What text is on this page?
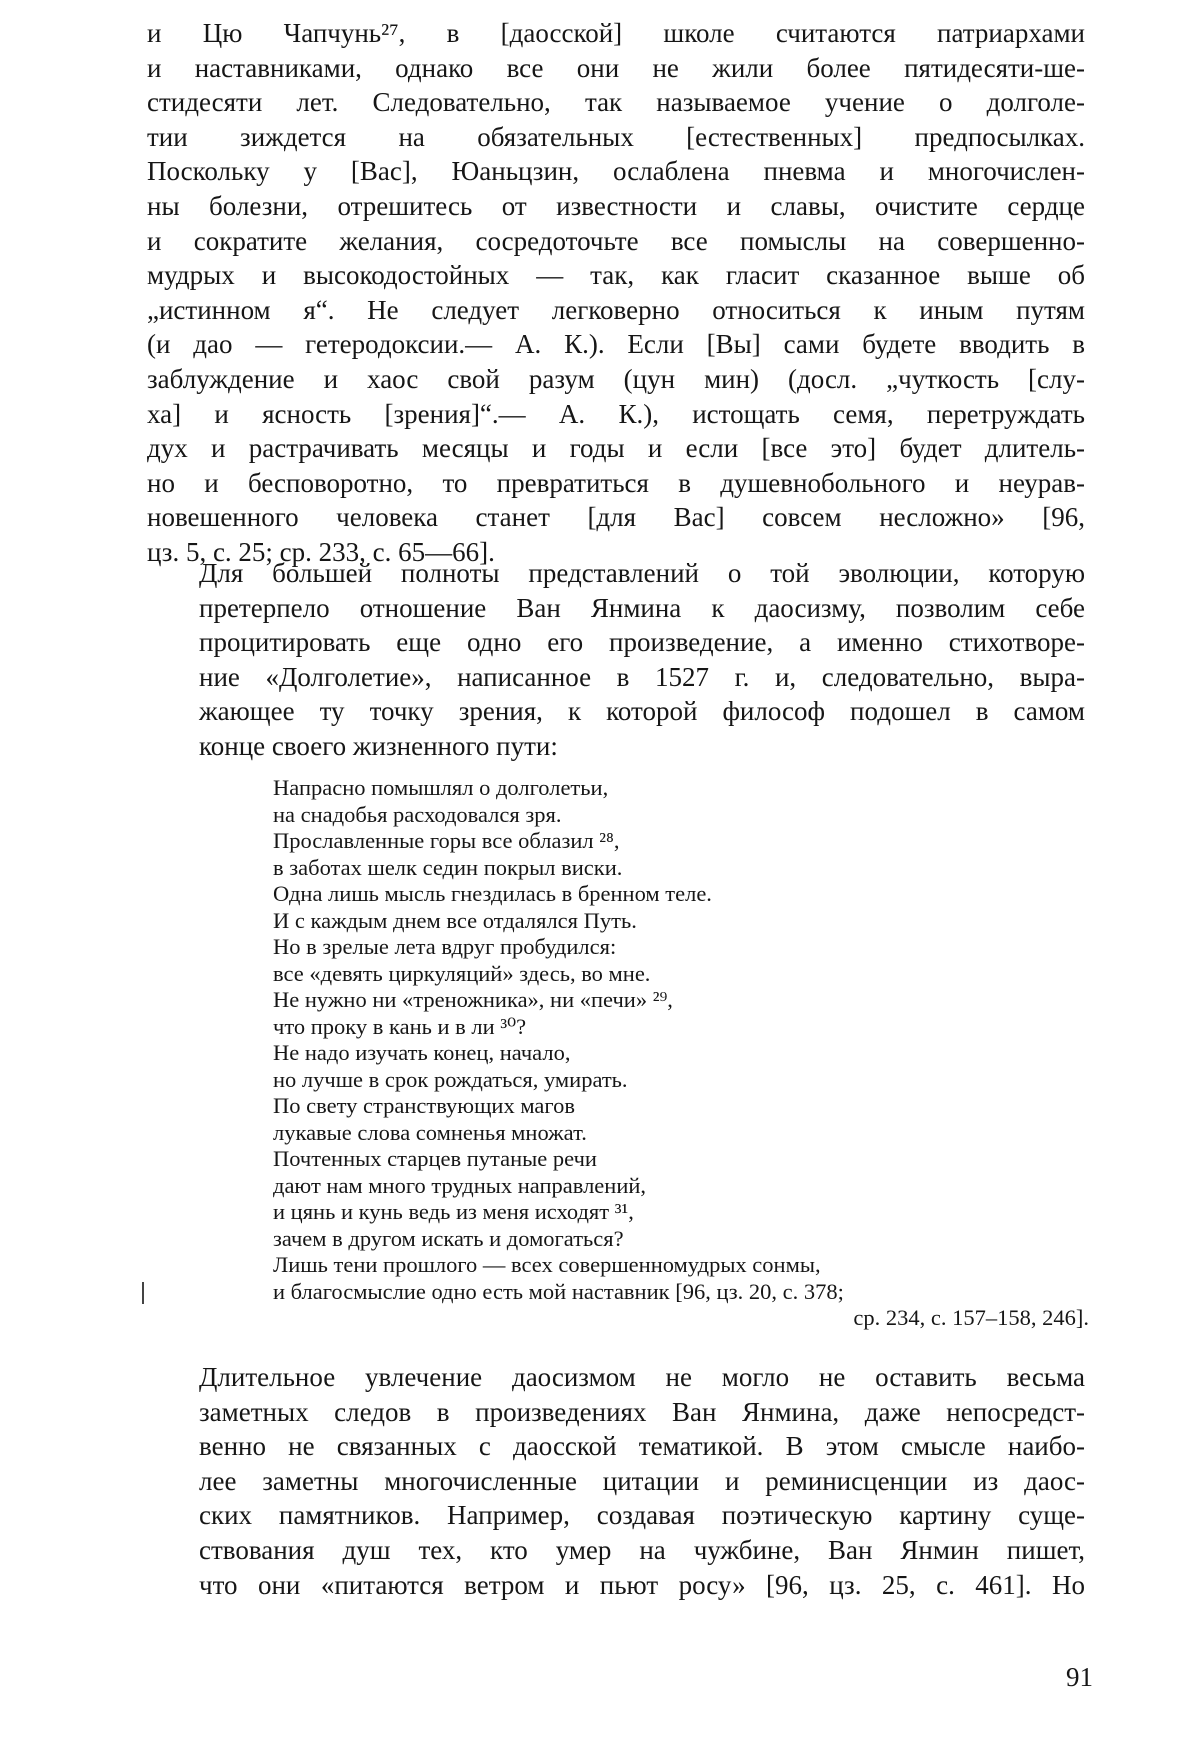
и Цю Чапчунь²⁷, в [даосской] школе считаются патриархами
и наставниками, однако все они не жили более пятидесяти-ше-
стидесяти лет. Следовательно, так называемое учение о долголе-
тии зиждется на обязательных [естественных] предпосылках.
Поскольку у [Вас], Юаньцзин, ослаблена пневма и многочислен-
ны болезни, отрешитесь от известности и славы, очистите сердце
и сократите желания, сосредоточьте все помыслы на совершенно-
мудрых и высокодостойных — так, как гласит сказанное выше об
„истинном я“. Не следует легковерно относиться к иным путям
(и дао — гетеродоксии.— А. К.). Если [Вы] сами будете вводить в
заблуждение и хаос свой разум (цун мин) (досл. „чуткость [слу-
ха] и ясность [зрения]“.— А. К.), истощать семя, перетруждать
дух и растрачивать месяцы и годы и если [все это] будет длитель-
но и бесповоротно, то превратиться в душевнобольного и неурав-
новешенного человека станет [для Вас] совсем несложно» [96,
цз. 5, с. 25; ср. 233, с. 65—66].
Для большей полноты представлений о той эволюции, которую
претерпело отношение Ван Янмина к даосизму, позволим себе
процитировать еще одно его произведение, а именно стихотворе-
ние «Долголетие», написанное в 1527 г. и, следовательно, выра-
жающее ту точку зрения, к которой философ подошел в самом
конце своего жизненного пути:
Напрасно помышлял о долголетьи,
на снадобья расходовался зря.
Прославленные горы все облазил ²⁸,
в заботах шелк седин покрыл виски.
Одна лишь мысль гнездилась в бренном теле.
И с каждым днем все отдалялся Путь.
Но в зрелые лета вдруг пробудился:
все «девять циркуляций» здесь, во мне.
Не нужно ни «треножника», ни «печи» ²⁹,
что проку в кань и в ли ³⁰?
Не надо изучать конец, начало,
но лучше в срок рождаться, умирать.
По свету странствующих магов
лукавые слова сомненья множат.
Почтенных старцев путаные речи
дают нам много трудных направлений,
и цянь и кунь ведь из меня исходят ³¹,
зачем в другом искать и домогаться?
Лишь тени прошлого — всех совершенномудрых сонмы,
и благосмыслие одно есть мой наставник [96, цз. 20, с. 378;
ср. 234, с. 157–158, 246].
Длительное увлечение даосизмом не могло не оставить весьма
заметных следов в произведениях Ван Янмина, даже непосредст-
венно не связанных с даосской тематикой. В этом смысле наибо-
лее заметны многочисленные цитации и реминисценции из даос-
ских памятников. Например, создавая поэтическую картину суще-
ствования душ тех, кто умер на чужбине, Ван Янмин пишет,
что они «питаются ветром и пьют росу» [96, цз. 25, с. 461]. Но
91
